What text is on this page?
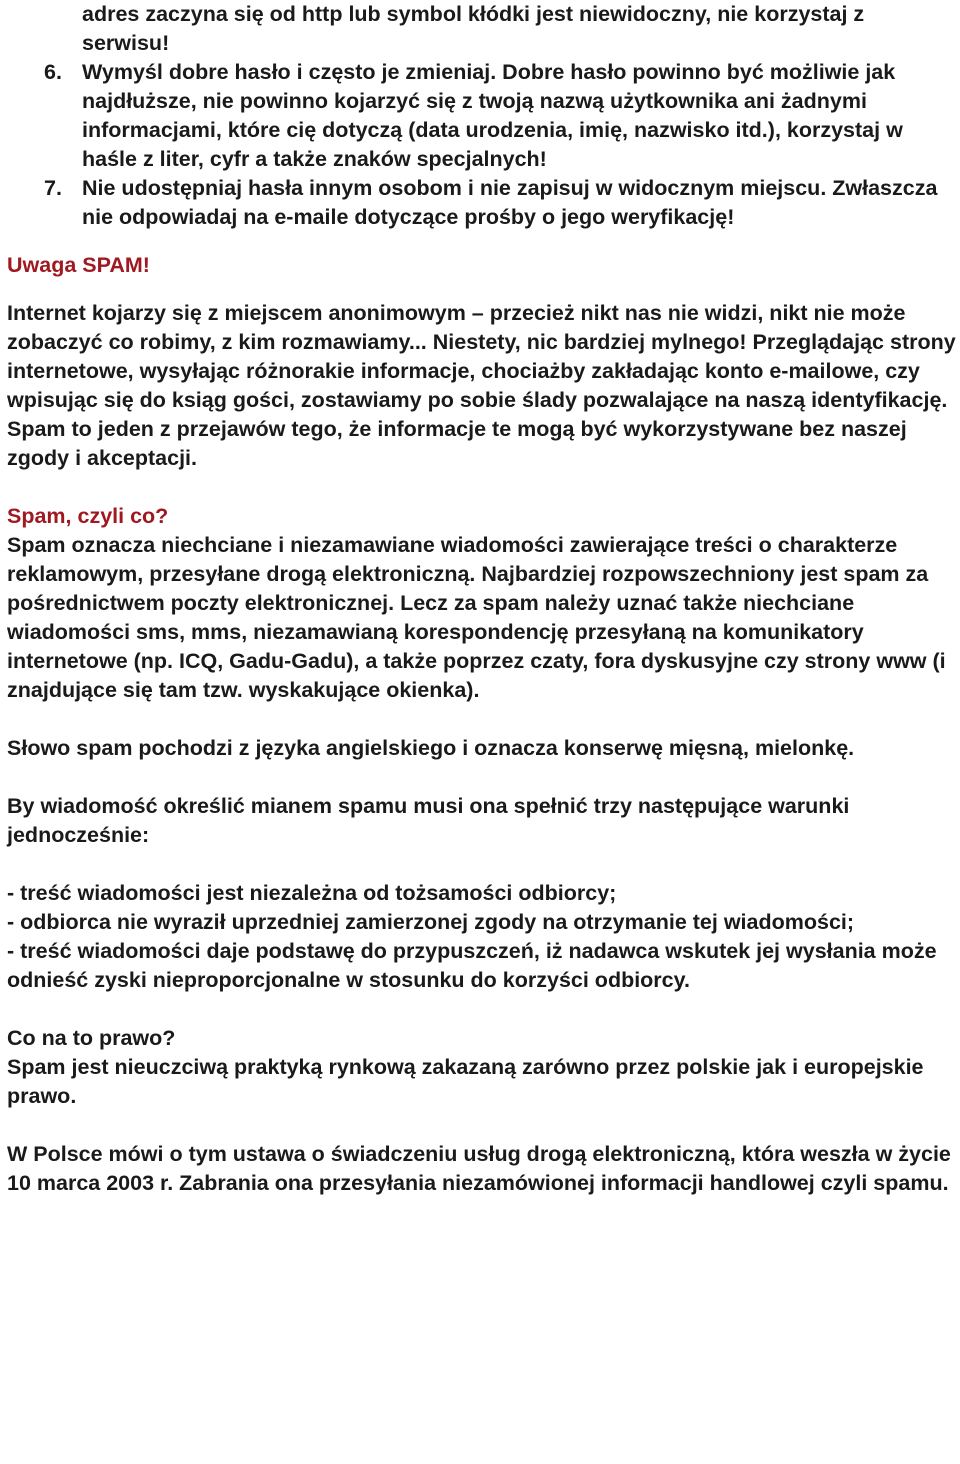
adres zaczyna się od http lub symbol kłódki jest niewidoczny, nie korzystaj z serwisu!

6. Wymyśl dobre hasło i często je zmieniaj. Dobre hasło powinno być możliwie jak najdłuższe, nie powinno kojarzyć się z twoją nazwą użytkownika ani żadnymi informacjami, które cię dotyczą (data urodzenia, imię, nazwisko itd.), korzystaj w haśle z liter, cyfr a także znaków specjalnych!
7. Nie udostępniaj hasła innym osobom i nie zapisuj w widocznym miejscu. Zwłaszcza nie odpowiadaj na e-maile dotyczące prośby o jego weryfikację!

Uwaga SPAM!

Internet kojarzy się z miejscem anonimowym – przecież nikt nas nie widzi, nikt nie może zobaczyć co robimy, z kim rozmawiamy... Niestety, nic bardziej mylnego! Przeglądając strony internetowe, wysyłając różnorakie informacje, chociażby zakładając konto e-mailowe, czy wpisując się do ksiąg gości, zostawiamy po sobie ślady pozwalające na naszą identyfikację. Spam to jeden z przejawów tego, że informacje te mogą być wykorzystywane bez naszej zgody i akceptacji.

Spam, czyli co?

Spam oznacza niechciane i niezamawiane wiadomości zawierające treści o charakterze reklamowym, przesyłane drogą elektroniczną. Najbardziej rozpowszechniony jest spam za pośrednictwem poczty elektronicznej. Lecz za spam należy uznać także niechciane wiadomości sms, mms, niezamawianą korespondencję przesyłaną na komunikatory internetowe (np. ICQ, Gadu-Gadu), a także poprzez czaty, fora dyskusyjne czy strony www (i znajdujące się tam tzw. wyskakujące okienka).

Słowo spam pochodzi z języka angielskiego i oznacza konserwę mięsną, mielonkę.

By wiadomość określić mianem spamu musi ona spełnić trzy następujące warunki jednocześnie:

- treść wiadomości jest niezależna od tożsamości odbiorcy;

- odbiorca nie wyraził uprzedniej zamierzonej zgody na otrzymanie tej wiadomości;

- treść wiadomości daje podstawę do przypuszczeń, iż nadawca wskutek jej wysłania może odnieść zyski nieproporcjonalne w stosunku do korzyści odbiorcy.

Co na to prawo?

Spam jest nieuczciwą praktyką rynkową zakazaną zarówno przez polskie jak i europejskie prawo.

W Polsce mówi o tym ustawa o świadczeniu usług drogą elektroniczną, która weszła w życie 10 marca 2003 r. Zabrania ona przesyłania niezamówionej informacji handlowej czyli spamu.
